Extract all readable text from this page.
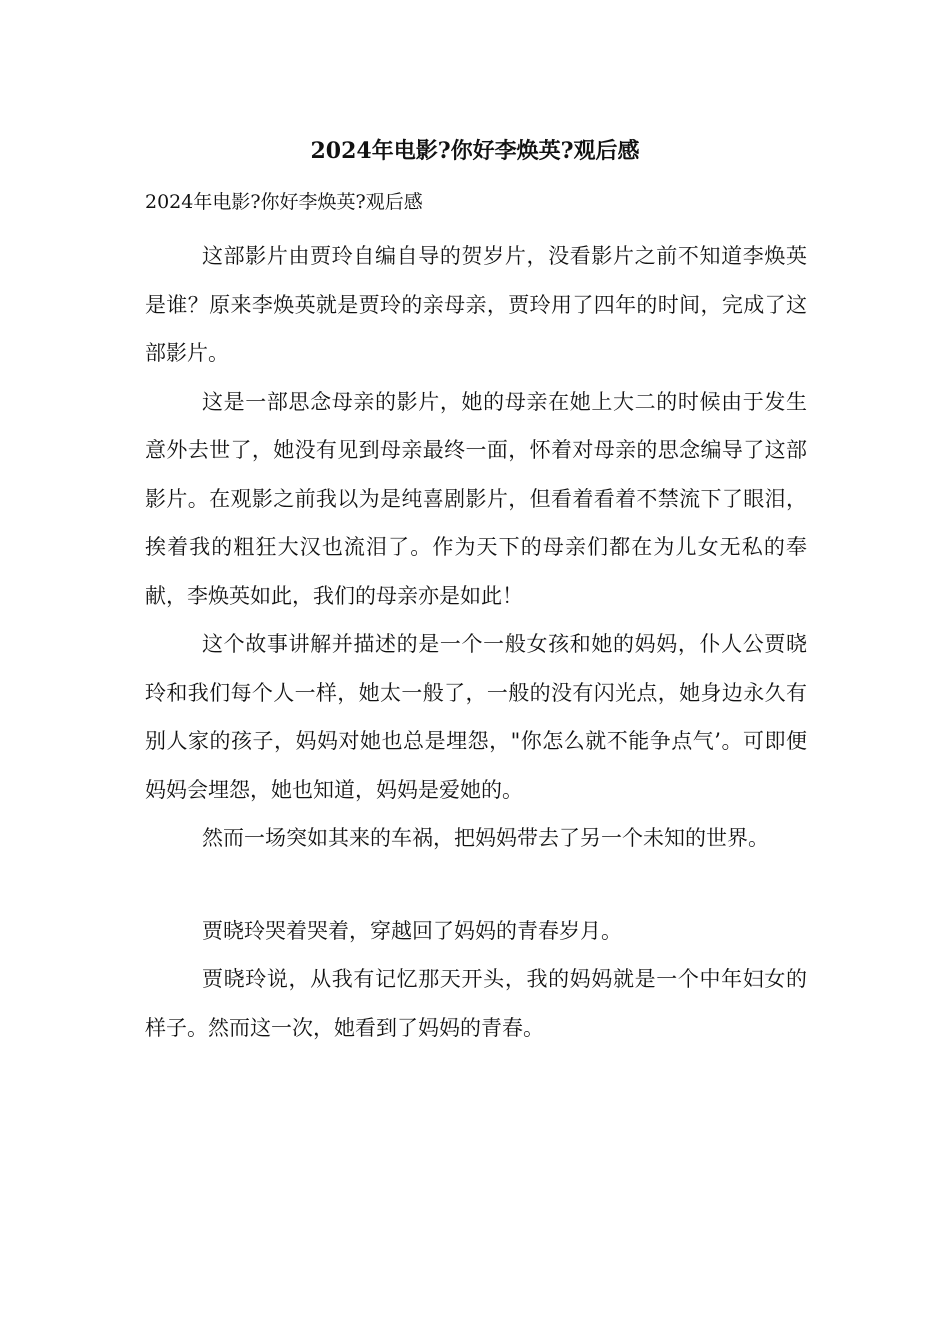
2024年电影?你好李焕英?观后感
2024年电影?你好李焕英?观后感

这部影片由贾玲自编自导的贺岁片，没看影片之前不知道李焕英是谁？原来李焕英就是贾玲的亲母亲，贾玲用了四年的时间，完成了这部影片。

这是一部思念母亲的影片，她的母亲在她上大二的时候由于发生意外去世了，她没有见到母亲最终一面，怀着对母亲的思念编导了这部影片。在观影之前我以为是纯喜剧影片，但看着看着不禁流下了眼泪，挨着我的粗狂大汉也流泪了。作为天下的母亲们都在为儿女无私的奉献，李焕英如此，我们的母亲亦是如此！

这个故事讲解并描述的是一个一般女孩和她的妈妈，仆人公贾晓玲和我们每个人一样，她太一般了，一般的没有闪光点，她身边永久有别人家的孩子，妈妈对她也总是埋怨，"你怎么就不能争点气’。可即便妈妈会埋怨，她也知道，妈妈是爱她的。

然而一场突如其来的车祸，把妈妈带去了另一个未知的世界。

贾晓玲哭着哭着，穿越回了妈妈的青春岁月。

贾晓玲说，从我有记忆那天开头，我的妈妈就是一个中年妇女的样子。然而这一次，她看到了妈妈的青春。
